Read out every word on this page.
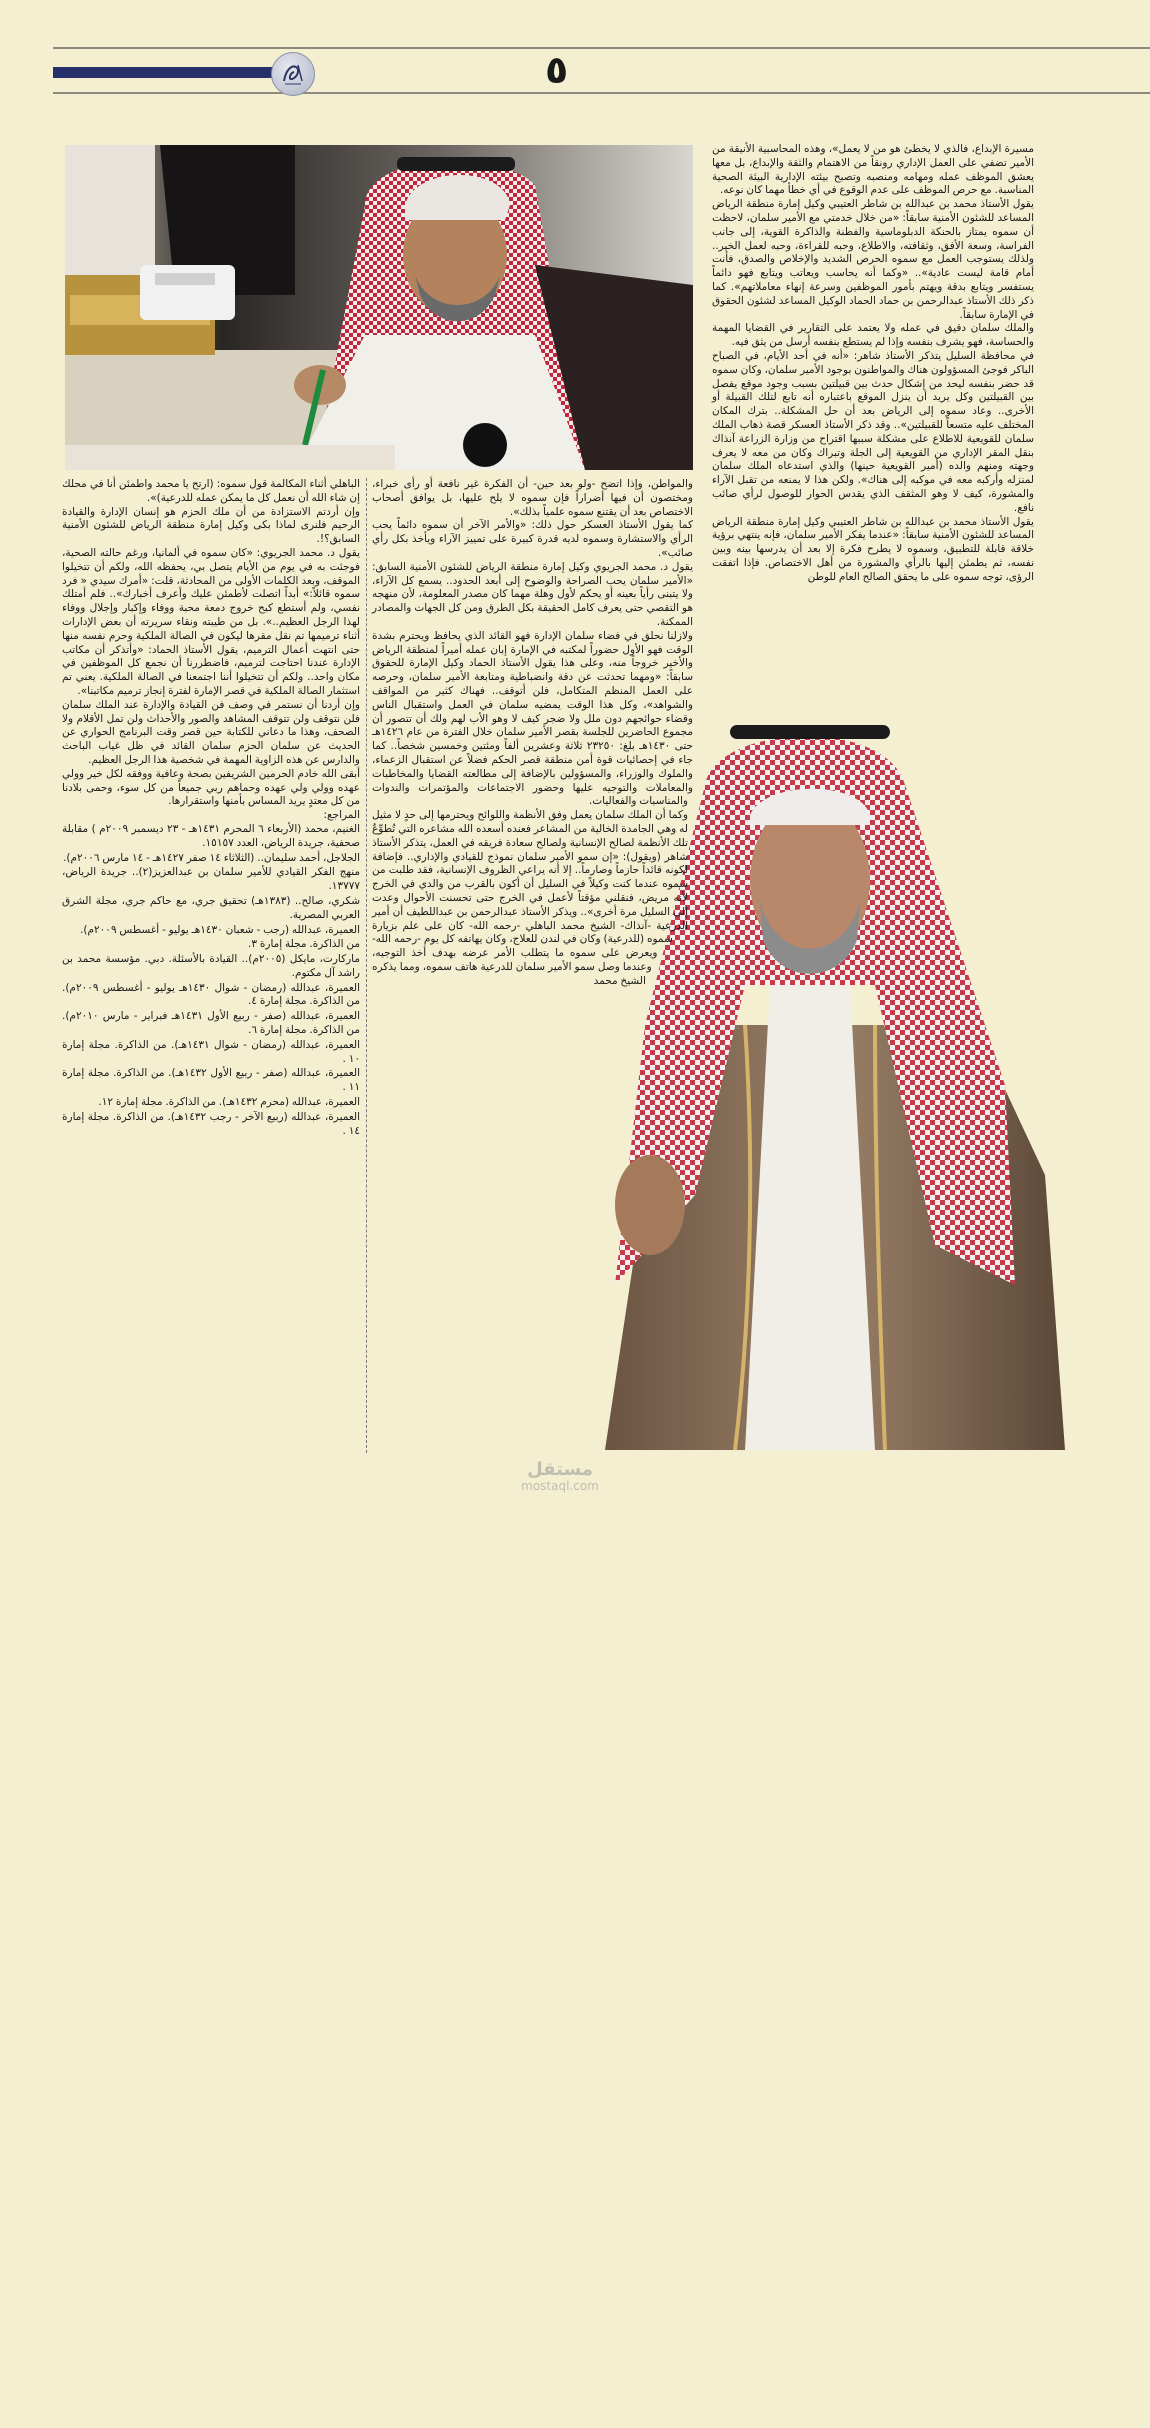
٥

مسيرة الإبداع، فالذي لا يخطئ هو من لا يعمل»، وهذه المحاسبية الأنيقة من الأمير تضفي على العمل الإداري رونقاً من الاهتمام والثقة والإبداع، بل معها يعشق الموظف عمله ومهامه ومنصبه وتصبح بيئته الإدارية البيئة الصحية المناسبة. مع حرص الموظف على عدم الوقوع في أي خطأ مهما كان نوعه.

يقول الأستاذ محمد بن عبدالله بن شاطر العتيبي وكيل إمارة منطقة الرياض المساعد للشئون الأمنية سابقاً: «من خلال خدمتي مع الأمير سلمان، لاحظت أن سموه يمتاز بالحنكة الدبلوماسية والفطنة والذاكرة القوية، إلى جانب الفراسة، وسعة الأفق، وثقافته، والاطلاع، وحبه للقراءة، وحبه لعمل الخير.. ولذلك يستوجب العمل مع سموه الحرص الشديد والإخلاص والصدق، فأنت أمام قامة ليست عادية».. «وكما أنه يحاسب ويعاتب ويتابع فهو دائماً يستفسر ويتابع بدقة ويهتم بأمور الموظفين وسرعة إنهاء معاملاتهم». كما ذكر ذلك الأستاذ عبدالرحمن بن حماد الحماد الوكيل المساعد لشئون الحقوق في الإمارة سابقاً.

والملك سلمان دقيق في عمله ولا يعتمد على التقارير في القضايا المهمة والحساسة، فهو يشرف بنفسه وإذا لم يستطع بنفسه أرسل من يثق فيه.

في محافظة السليل يتذكر الأستاذ شاهر: «أنه في أحد الأيام، في الصباح الباكر فوجئ المسؤولون هناك والمواطنون بوجود الأمير سلمان، وكان سموه قد حضر بنفسه ليحد من إشكال حدث بين قبيلتين بسبب وجود موقع يفصل بين القبيلتين وكل يريد أن ينزل الموقع باعتباره أنه تابع لتلك القبيلة أو الأخرى.. وعاد سموه إلى الرياض بعد أن حل المشكلة.. بترك المكان المختلف عليه متسعاً للقبيلتين».. وقد ذكر الأستاذ العسكر قصة ذهاب الملك سلمان للقويعية للاطلاع على مشكلة سببها اقتراح من وزارة الزراعة آنذاك بنقل المقر الإداري من القويعية إلى الجلة وتبراك وكان من معه لا يعرف وجهته ومنهم والده (أمير القويعية حينها) والذي استدعاه الملك سلمان لمنزله وأركبه معه في موكبه إلى هناك». ولكن هذا لا يمنعه من تقبل الآراء والمشورة، كيف لا وهو المثقف الذي يقدس الحوار للوصول لرأي صائب نافع.

يقول الأستاذ محمد بن عبدالله بن شاطر العتيبي وكيل إمارة منطقة الرياض المساعد للشئون الأمنية سابقاً: «عندما يفكر الأمير سلمان، فإنه ينتهي برؤية خلاقة قابلة للتطبيق، وسموه لا يطرح فكرة إلا بعد أن يدرسها بينه وبين نفسه، ثم يطمئن إليها بالرأي والمشورة من أهل الاختصاص. فإذا اتفقت الرؤى، توجه سموه على ما يحقق الصالح العام للوطن

والمواطن، وإذا اتضح -ولو بعد حين- أن الفكرة غير نافعة أو رأى خبراء، ومختصون أن فيها أضراراً فإن سموه لا يلح عليها، بل يوافق أصحاب الاختصاص بعد أن يقتنع سموه علمياً بذلك».

كما يقول الأستاذ العسكر حول ذلك: «والأمر الآخر أن سموه دائماً يحب الرأي والاستشارة وسموه لديه قدرة كبيرة على تمييز الآراء ويأخذ بكل رأي صائب».

يقول د. محمد الجريوي وكيل إمارة منطقة الرياض للشئون الأمنية السابق: «الأمير سلمان يحب الصراحة والوضوح إلى أبعد الحدود.. يسمع كل الآراء، ولا يتبنى رأياً بعينه أو يحكم لأول وهلة مهما كان مصدر المعلومة، لأن منهجه هو التقصي حتى يعرف كامل الحقيقة بكل الطرق ومن كل الجهات والمصادر الممكنة.

ولازلنا نحلق في فضاء سلمان الإدارة فهو القائد الذي يحافظ ويحترم بشدة الوقت فهو الأول حضوراً لمكتبه في الإمارة إبان عمله أميراً لمنطقة الرياض والأخير خروجاً منه، وعلى هذا يقول الأستاذ الحماد وكيل الإمارة للحقوق سابقاً: «ومهما تحدثت عن دقة وانضباطية ومتابعة الأمير سلمان، وحرصه على العمل المنظم المتكامل، فلن أتوقف.. فهناك كثير من المواقف والشواهد»، وكل هذا الوقت يمضيه سلمان في العمل واستقبال الناس وقضاء حوائجهم دون ملل ولا ضجر كيف لا وهو الأب لهم ولك أن تتصور أن مجموع الحاضرين للجلسة بقصر الأمير سلمان خلال الفترة من عام ١٤٢٦هـ حتى ١٤٣٠هـ بلغ: ٢٣٢٥٠ ثلاثة وعشرين ألفاً ومئتين وخمسين شخصاً.. كما جاء في إحصائيات قوة أمن منطقة قصر الحكم فضلاً عن استقبال الزعماء، والملوك والوزراء، والمسؤولين بالإضافة إلى مطالعته القضايا والمخاطبات والمعاملات والتوجيه عليها وحضور الاجتماعات والمؤتمرات والندوات والمناسبات والفعاليات.

وكما أن الملك سلمان يعمل وفق الأنظمة واللوائح ويحترمها إلى حدٍ لا مثيل له وهي الجامدة الخالية من المشاعر فعنده أسعده الله مشاعره التي تُطوِّعُ تلك الأنظمة لصالح الإنسانية ولصالح سعادة فريقه في العمل، يتذكر الأستاذ شاهر (ويقول): «إن سمو الأمير سلمان نموذج للقيادي والإداري.. فإضافة لكونه قائداً حازماً وصارماً.. إلا أنه يراعي الظروف الإنسانية، فقد طلبت من سموه عندما كنت وكيلاً في السليل أن أكون بالقرب من والدي في الخرج لأنه مريض، فنقلني مؤقتاً لأعمل في الخرج حتى تحسنت الأحوال وعدت إلى السليل مرة أخرى».. ويذكر الأستاذ عبدالرحمن بن عبداللطيف أن أمير الدرعية -آنذاك- الشيخ محمد الباهلي -رحمه الله- كان على علم بزيارة سموه (للدرعية) وكان في لندن للعلاج، وكان يهاتفه كل يوم -رحمه الله- ويعرض على سموه ما يتطلب الأمر عرضه بهدف أخذ التوجيه، وعندما وصل سمو الأمير سلمان للدرعية هاتف سموه، ومما يذكره الشيخ محمد

الباهلي أثناء المكالمة قول سموه: (ارتح يا محمد واطمئن أنا في محلك إن شاء الله أن نعمل كل ما يمكن عمله للدرعية)».

وإن أردتم الاستزادة من أن ملك الحزم هو إنسان الإدارة والقيادة الرحيم فلنرى لماذا بكى وكيل إمارة منطقة الرياض للشئون الأمنية السابق؟!.

يقول د. محمد الجريوي: «كان سموه في ألمانيا، ورغم حالته الصحية، فوجئت به في يوم من الأيام يتصل بي، يحفظه الله، ولكم أن تتخيلوا الموقف، وبعد الكلمات الأولى من المحادثة، قلت: «أمرك سيدي « فرد سموه قائلاً:» أبداً اتصلت لأطمئن عليك وأعرف أخبارك».. فلم أمتلك نفسي، ولم أستطع كبح خروج دمعة محبة ووفاء وإكبار وإجلال ووفاء لهذا الرجل العظيم..». بل من طيبته ونقاء سريرته أن بعض الإدارات أثناء ترميمها تم نقل مقرها ليكون في الصالة الملكية وحرم نفسه منها حتى انتهت أعمال الترميم، يقول الأستاذ الحماد: «وأتذكر أن مكاتب الإدارة عندنا احتاجت لترميم، فاضطررنا أن نجمع كل الموظفين في مكان واحد.. ولكم أن تتخيلوا أننا اجتمعنا في الصالة الملكية. يعني تم استثمار الصالة الملكية في قصر الإمارة لفترة إنجاز ترميم مكاتبنا».

وإن أردنا أن نستمر في وصف فن القيادة والإدارة عند الملك سلمان فلن نتوقف ولن تتوقف المشاهد والصور والأحداث ولن تمل الأقلام ولا الصحف، وهذا ما دعاني للكتابة حين قصر وقت البرنامج الحواري عن الحديث عن سلمان الحزم سلمان القائد في ظل غياب الباحث والدارس عن هذه الزاوية المهمة في شخصية هذا الرجل العظيم.

أبقى الله خادم الحرمين الشريفين بصحة وعافية ووفقه لكل خير وولي عهده وولي ولي عهده وحماهم ربي جميعاً من كل سوء، وحمى بلادنا من كل معتدٍ يريد المساس بأمنها واستقرارها.

المراجع:

الغنيم، محمد (الأربعاء ٦ المحرم ١٤٣١هـ - ٢٣ ديسمبر ٢٠٠٩م ) مقابلة صحفية، جريدة الرياض، العدد ١٥١٥٧.

الجلاجل، أحمد سليمان.. (الثلاثاء ١٤ صفر ١٤٢٧هـ - ١٤ مارس ٢٠٠٦م).

منهج الفكر القيادي للأمير سلمان بن عبدالعزيز(٢).. جريدة الرياض، ١٣٧٧٧.

شكري، صالح.. (١٣٨٣هـ) تحقيق جري، مع حاكم جري، مجلة الشرق العربي المصرية.

العميرة، عبدالله (رجب - شعبان ١٤٣٠هـ يوليو - أغسطس ٢٠٠٩م).

من الذاكرة. مجلة إمارة ٣.

ماركارت، مايكل (٢٠٠٥م).. القيادة بالأسئلة. دبي. مؤسسة محمد بن راشد آل مكتوم.

العميرة، عبدالله (رمضان - شوال ١٤٣٠هـ يوليو - أغسطس ٢٠٠٩م). من الذاكرة. مجلة إمارة ٤.

العميرة، عبدالله (صفر - ربيع الأول ١٤٣١هـ فبراير - مارس ٢٠١٠م). من الذاكرة. مجلة إمارة ٦.

العميرة، عبدالله (رمضان - شوال ١٤٣١هـ). من الذاكرة. مجلة إمارة ١٠ .

العميرة، عبدالله (صفر - ربيع الأول ١٤٣٢هـ). من الذاكرة. مجلة إمارة ١١ .

العميرة، عبدالله (محرم ١٤٣٢هـ). من الذاكرة. مجلة إمارة ١٢.

العميرة، عبدالله (ربيع الآخر - رجب ١٤٣٢هـ). من الذاكرة. مجلة إمارة ١٤ .

مستقل
mostaql.com
